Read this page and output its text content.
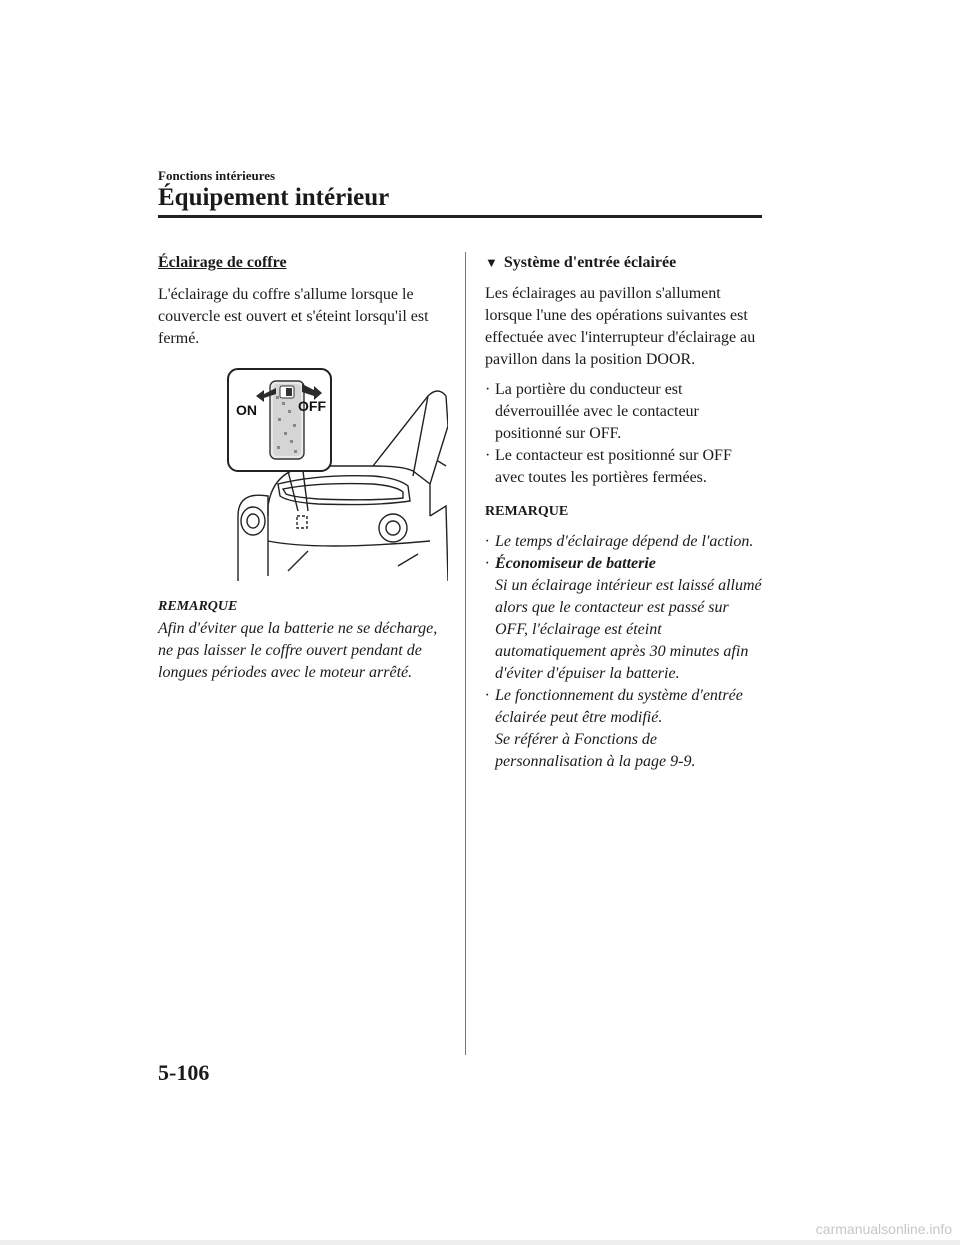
Fonctions intérieures
Équipement intérieur
Éclairage de coffre

L'éclairage du coffre s'allume lorsque le couvercle est ouvert et s'éteint lorsqu'il est fermé.

ON	OFF
REMARQUE

Afin d'éviter que la batterie ne se décharge, ne pas laisser le coffre ouvert pendant de longues périodes avec le moteur arrêté.

▼ Système d'entrée éclairée

Les éclairages au pavillon s'allument lorsque l'une des opérations suivantes est effectuée avec l'interrupteur d'éclairage au pavillon dans la position DOOR.

· La portière du conducteur est déverrouillée avec le contacteur positionné sur OFF.
· Le contacteur est positionné sur OFF avec toutes les portières fermées.
REMARQUE
· Le temps d'éclairage dépend de l'action.
· Économiseur de batterie
Si un éclairage intérieur est laissé allumé alors que le contacteur est passé sur OFF, l'éclairage est éteint automatiquement après 30 minutes afin d'éviter d'épuiser la batterie.
· Le fonctionnement du système d'entrée éclairée peut être modifié.
Se référer à Fonctions de personnalisation à la page 9-9.
5-106
carmanualsonline.info
